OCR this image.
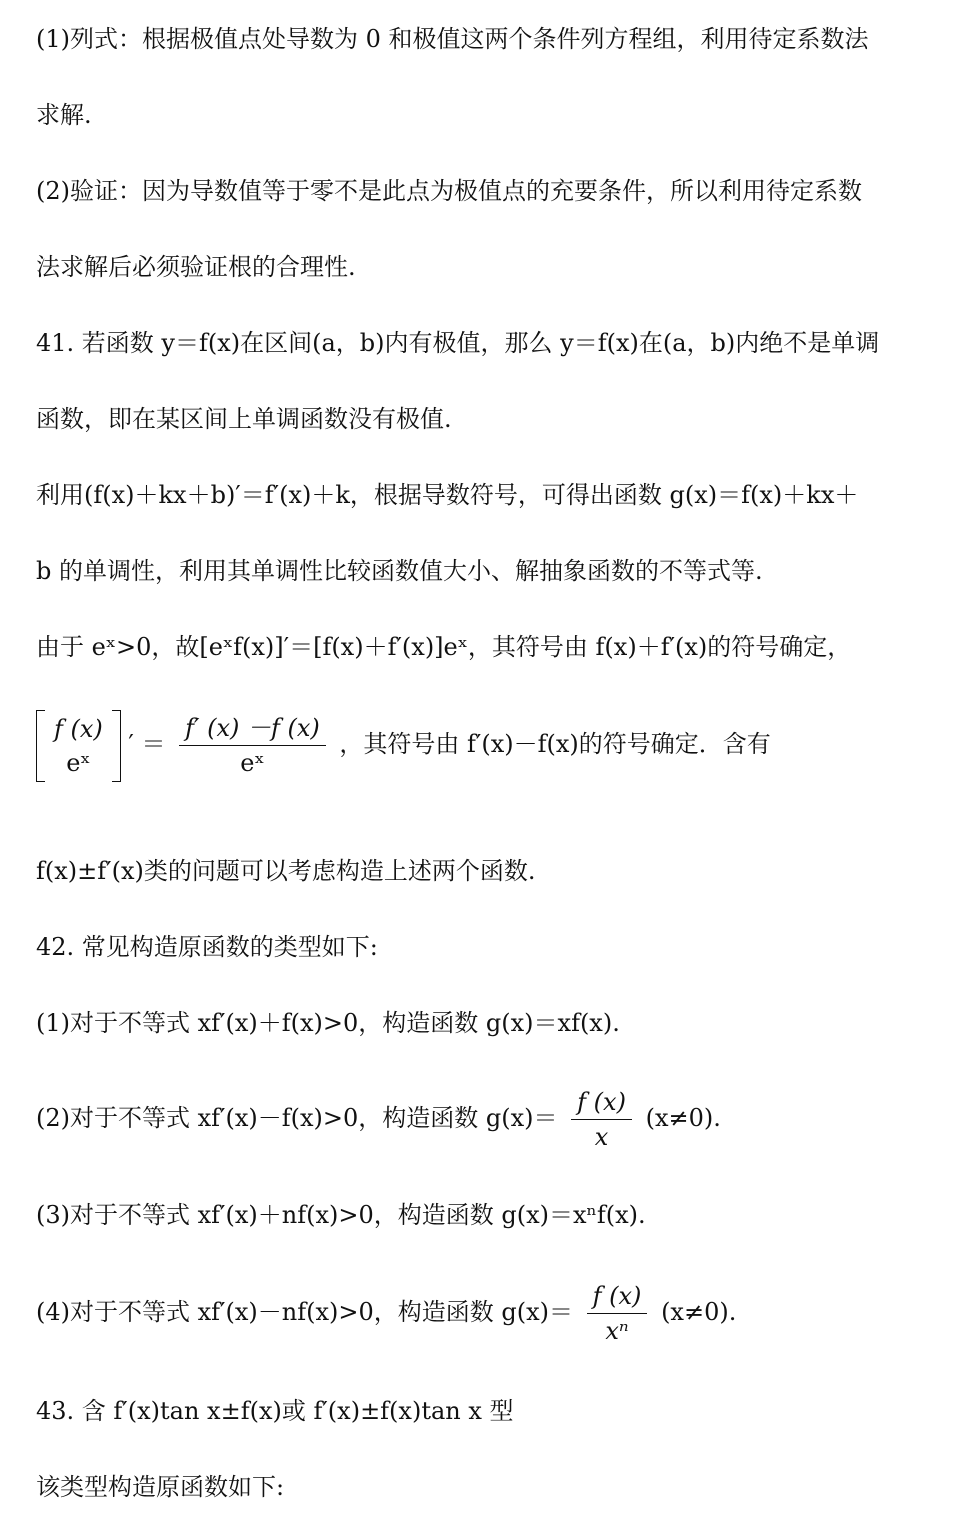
(1)列式：根据极值点处导数为 0 和极值这两个条件列方程组，利用待定系数法
求解.
(2)验证：因为导数值等于零不是此点为极值点的充要条件，所以利用待定系数
法求解后必须验证根的合理性.
41. 若函数 y＝f(x)在区间(a，b)内有极值，那么 y＝f(x)在(a，b)内绝不是单调
函数，即在某区间上单调函数没有极值.
利用(f(x)＋kx＋b)′＝f′(x)＋k，根据导数符号，可得出函数 g(x)＝f(x)＋kx＋
b 的单调性，利用其单调性比较函数值大小、解抽象函数的不等式等.
由于 eˣ>0，故[eˣf(x)]′＝[f(x)＋f′(x)]eˣ，其符号由 f(x)＋f′(x)的符号确定，
f (x)
eˣ
′ ＝ $\frac{f' (x) -f (x)}{\text{eˣ}}$ ，其符号由 f′(x)－f(x)的符号确定．含有
f(x)±f′(x)类的问题可以考虑构造上述两个函数.
42. 常见构造原函数的类型如下:
(1)对于不等式 xf′(x)＋f(x)>0，构造函数 g(x)＝xf(x).
(2)对于不等式 xf′(x)－f(x)>0，构造函数 $g(x)= \frac{f (x)}{x} (x\ne 0)$.
(3)对于不等式 xf′(x)＋nf(x)>0，构造函数 g(x)＝xⁿf(x).
(4)对于不等式 xf′(x)－nf(x)>0，构造函数 $g(x)= \frac{f (x)}{\text{xⁿ}} (x\ne 0)$.
43. 含 f′(x)tan x±f(x)或 f′(x)±f(x)tan x 型
该类型构造原函数如下:
